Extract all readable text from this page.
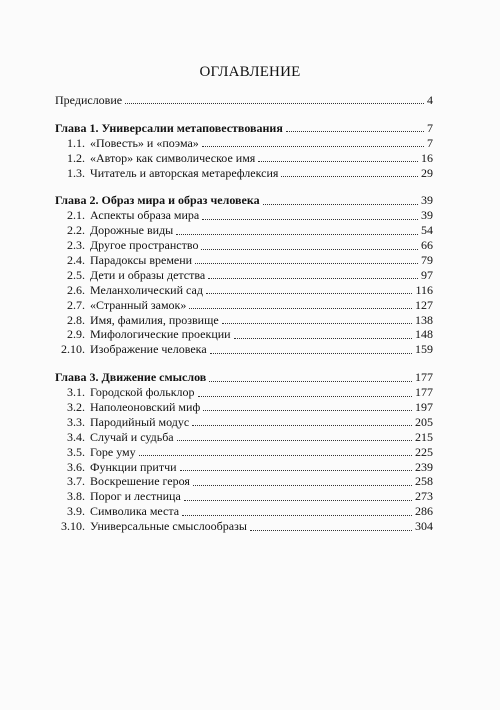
ОГЛАВЛЕНИЕ
Предисловие	4
Глава 1. Универсалии метаповествования	7
1.1. «Повесть» и «поэма»	7
1.2. «Автор» как символическое имя	16
1.3. Читатель и авторская метарефлексия	29
Глава 2. Образ мира и образ человека	39
2.1. Аспекты образа мира	39
2.2. Дорожные виды	54
2.3. Другое пространство	66
2.4. Парадоксы времени	79
2.5. Дети и образы детства	97
2.6. Меланхолический сад	116
2.7. «Странный замок»	127
2.8. Имя, фамилия, прозвище	138
2.9. Мифологические проекции	148
2.10. Изображение человека	159
Глава 3. Движение смыслов	177
3.1. Городской фольклор	177
3.2. Наполеоновский миф	197
3.3. Пародийный модус	205
3.4. Случай и судьба	215
3.5. Горе уму	225
3.6. Функции притчи	239
3.7. Воскрешение героя	258
3.8. Порог и лестница	273
3.9. Символика места	286
3.10. Универсальные смыслообразы	304
